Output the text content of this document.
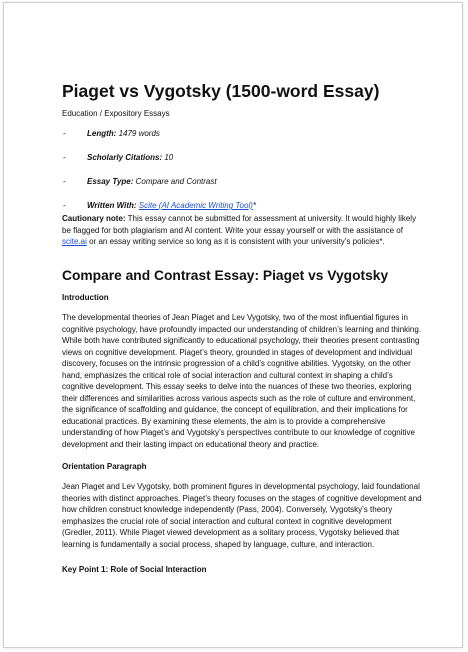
Piaget vs Vygotsky (1500-word Essay)
Education / Expository Essays
-	Length: 1479 words
-	Scholarly Citations: 10
-	Essay Type: Compare and Contrast
-	Written With: Scite (AI Academic Writing Tool)*

Cautionary note: This essay cannot be submitted for assessment at university. It would highly likely be flagged for both plagiarism and AI content. Write your essay yourself or with the assistance of scite.ai or an essay writing service so long as it is consistent with your university’s policies*.

Compare and Contrast Essay: Piaget vs Vygotsky
Introduction

The developmental theories of Jean Piaget and Lev Vygotsky, two of the most influential figures in cognitive psychology, have profoundly impacted our understanding of children’s learning and thinking. While both have contributed significantly to educational psychology, their theories present contrasting views on cognitive development. Piaget’s theory, grounded in stages of development and individual discovery, focuses on the intrinsic progression of a child’s cognitive abilities. Vygotsky, on the other hand, emphasizes the critical role of social interaction and cultural context in shaping a child’s cognitive development. This essay seeks to delve into the nuances of these two theories, exploring their differences and similarities across various aspects such as the role of culture and environment, the significance of scaffolding and guidance, the concept of equilibration, and their implications for educational practices. By examining these elements, the aim is to provide a comprehensive understanding of how Piaget’s and Vygotsky’s perspectives contribute to our knowledge of cognitive development and their lasting impact on educational theory and practice.

Orientation Paragraph

Jean Piaget and Lev Vygotsky, both prominent figures in developmental psychology, laid foundational theories with distinct approaches. Piaget’s theory focuses on the stages of cognitive development and how children construct knowledge independently (Pass, 2004). Conversely, Vygotsky’s theory emphasizes the crucial role of social interaction and cultural context in cognitive development (Gredler, 2011). While Piaget viewed development as a solitary process, Vygotsky believed that learning is fundamentally a social process, shaped by language, culture, and interaction.

Key Point 1: Role of Social Interaction
